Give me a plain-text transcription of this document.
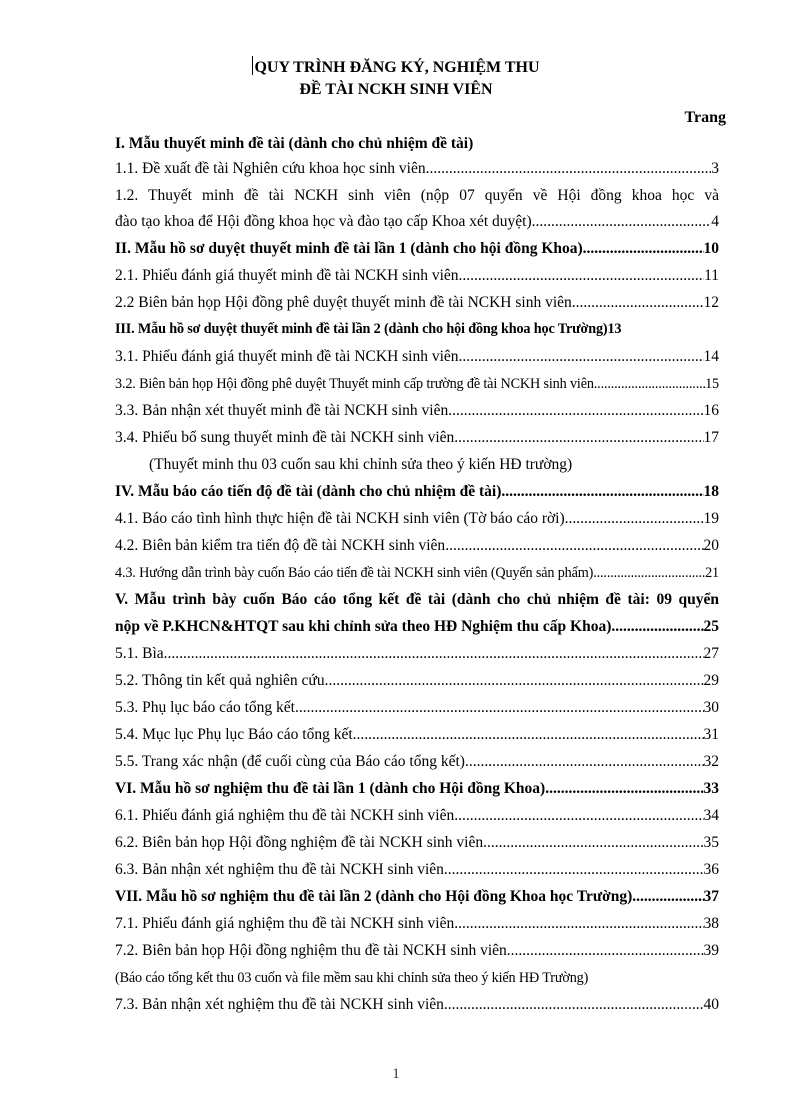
QUY TRÌNH ĐĂNG KÝ, NGHIỆM THU
ĐỀ TÀI NCKH SINH VIÊN
Trang
I. Mẫu thuyết minh đề tài (dành cho chủ nhiệm đề tài)
1.1. Đề xuất đề tài Nghiên cứu khoa học sinh viên .....	3
1.2. Thuyết minh đề tài NCKH sinh viên (nộp 07 quyển về Hội đồng khoa học và
đào tạo khoa để Hội đồng khoa học và đào tạo cấp Khoa xét duyệt) .....	4
II. Mẫu hồ sơ duyệt thuyết minh đề tài lần 1 (dành cho hội đồng Khoa) .....	10
2.1. Phiếu đánh giá thuyết minh đề tài NCKH sinh viên .....	11
2.2 Biên bản họp Hội đồng phê duyệt thuyết minh đề tài NCKH sinh viên .....	12
III. Mẫu hồ sơ duyệt thuyết minh đề tài lần 2 (dành cho hội đồng khoa học Trường) 13
3.1. Phiếu đánh giá thuyết minh đề tài NCKH sinh viên .....	14
3.2. Biên bản họp Hội đồng phê duyệt Thuyết minh cấp trường đề tài NCKH sinh viên .....	15
3.3. Bản nhận xét thuyết minh đề tài NCKH sinh viên .....	16
3.4. Phiếu bổ sung thuyết minh đề tài NCKH sinh viên .....	17
(Thuyết minh thu 03 cuốn sau khi chỉnh sửa theo ý kiến HĐ trường)
IV. Mẫu báo cáo tiến độ đề tài (dành cho chủ nhiệm đề tài) .....	18
4.1. Báo cáo tình hình thực hiện đề tài NCKH sinh viên (Tờ báo cáo rời) .....	19
4.2. Biên bản kiểm tra tiến độ đề tài NCKH sinh viên .....	20
4.3. Hướng dẫn trình bày cuốn Báo cáo tiến đề tài NCKH sinh viên (Quyển sản phẩm) .....	21
V. Mẫu trình bày cuốn Báo cáo tổng kết đề tài (dành cho chủ nhiệm đề tài: 09 quyển
nộp về P.KHCN&HTQT sau khi chỉnh sửa theo HĐ Nghiệm thu cấp Khoa) .....	25
5.1. Bìa .....	27
5.2. Thông tin kết quả nghiên cứu .....	29
5.3. Phụ lục báo cáo tổng kết .....	30
5.4. Mục lục Phụ lục Báo cáo tổng kết .....	31
5.5. Trang xác nhận (để cuối cùng của Báo cáo tổng kết) .....	32
VI. Mẫu hồ sơ nghiệm thu đề tài lần 1 (dành cho Hội đồng Khoa) .....	33
6.1. Phiếu đánh giá nghiệm thu đề tài NCKH sinh viên .....	34
6.2. Biên bản họp Hội đồng nghiệm đề tài NCKH sinh viên .....	35
6.3. Bản nhận xét nghiệm thu đề tài NCKH sinh viên .....	36
VII. Mẫu hồ sơ nghiệm thu đề tài lần 2 (dành cho Hội đồng Khoa học Trường) .....	37
7.1. Phiếu đánh giá nghiệm thu đề tài NCKH sinh viên .....	38
7.2. Biên bản họp Hội đồng nghiệm thu đề tài NCKH sinh viên .....	39
(Báo cáo tổng kết thu 03 cuốn và file mềm sau khi chỉnh sửa theo ý kiến HĐ Trường)
7.3. Bản nhận xét nghiệm thu đề tài NCKH sinh viên .....	40
1
